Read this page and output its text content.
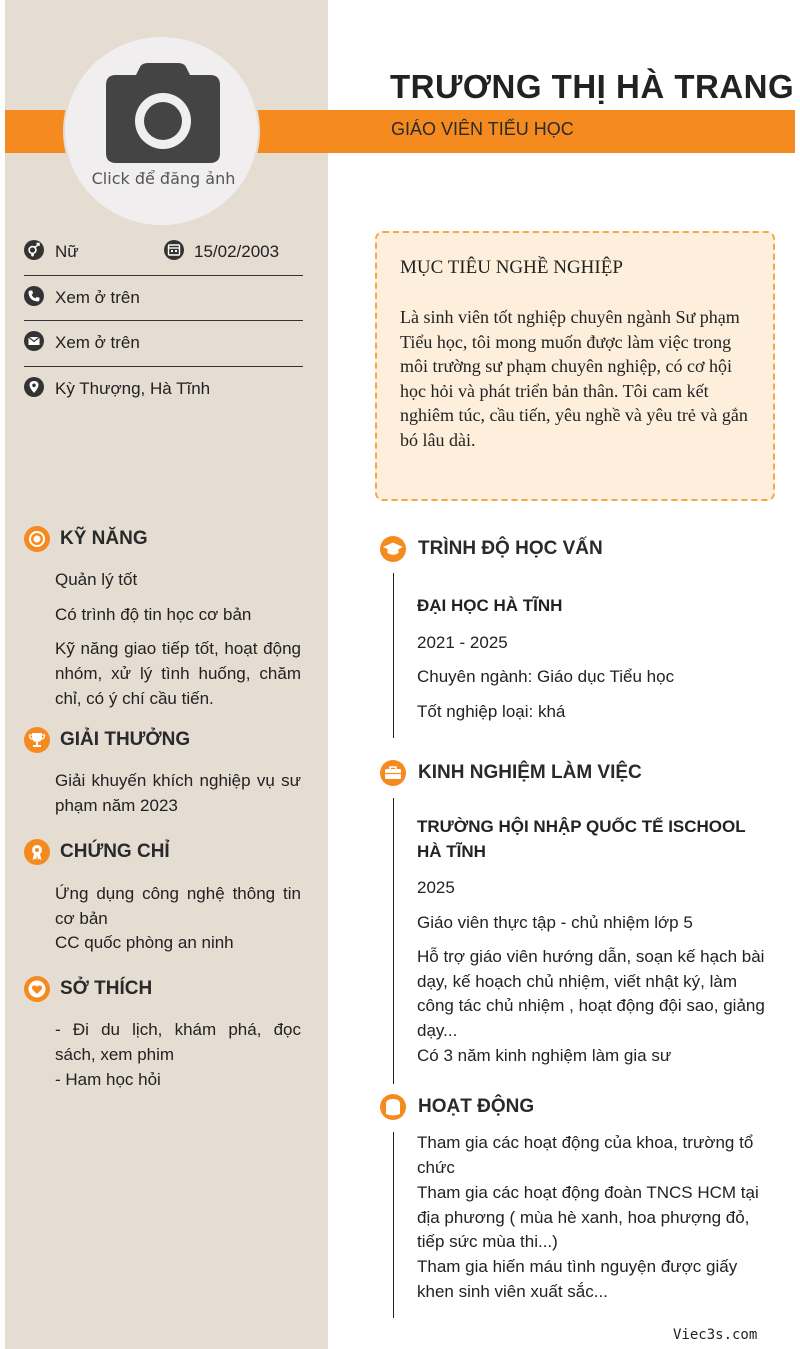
Click để đăng ảnh
TRƯƠNG THỊ HÀ TRANG
GIÁO VIÊN TIỂU HỌC
Nữ	15/02/2003
Xem ở trên
Xem ở trên
Kỳ Thượng, Hà Tĩnh
MỤC TIÊU NGHỀ NGHIỆP
Là sinh viên tốt nghiệp chuyên ngành Sư phạm Tiểu học, tôi mong muốn được làm việc trong môi trường sư phạm chuyên nghiệp, có cơ hội học hỏi và phát triển bản thân. Tôi cam kết nghiêm túc, cầu tiến, yêu nghề và yêu trẻ và gắn bó lâu dài.
KỸ NĂNG
Quản lý tốt
Có trình độ tin học cơ bản
Kỹ năng giao tiếp tốt, hoạt động nhóm, xử lý tình huống, chăm chỉ, có ý chí cầu tiến.
GIẢI THƯỞNG
Giải khuyến khích nghiệp vụ sư phạm năm 2023
CHỨNG CHỈ
Ứng dụng công nghệ thông tin cơ bản
CC quốc phòng an ninh
SỞ THÍCH
- Đi du lịch, khám phá, đọc sách, xem phim
- Ham học hỏi
TRÌNH ĐỘ HỌC VẤN
ĐẠI HỌC HÀ TĨNH
2021 - 2025
Chuyên ngành: Giáo dục Tiểu học
Tốt nghiệp loại: khá
KINH NGHIỆM LÀM VIỆC
TRƯỜNG HỘI NHẬP QUỐC TẾ ISCHOOL HÀ TĨNH
2025
Giáo viên thực tập - chủ nhiệm lớp 5
Hỗ trợ giáo viên hướng dẫn, soạn kế hạch bài dạy, kế hoạch chủ nhiệm, viết nhật ký, làm công tác chủ nhiệm , hoạt động đội sao, giảng dạy...
Có 3 năm kinh nghiệm làm gia sư
HOẠT ĐỘNG
Tham gia các hoạt động của khoa, trường tổ chức
Tham gia các hoạt động đoàn TNCS HCM tại địa phương ( mùa hè xanh, hoa phượng đỏ, tiếp sức mùa thi...)
Tham gia hiến máu tình nguyện được giấy khen sinh viên xuất sắc...
Viec3s.com
